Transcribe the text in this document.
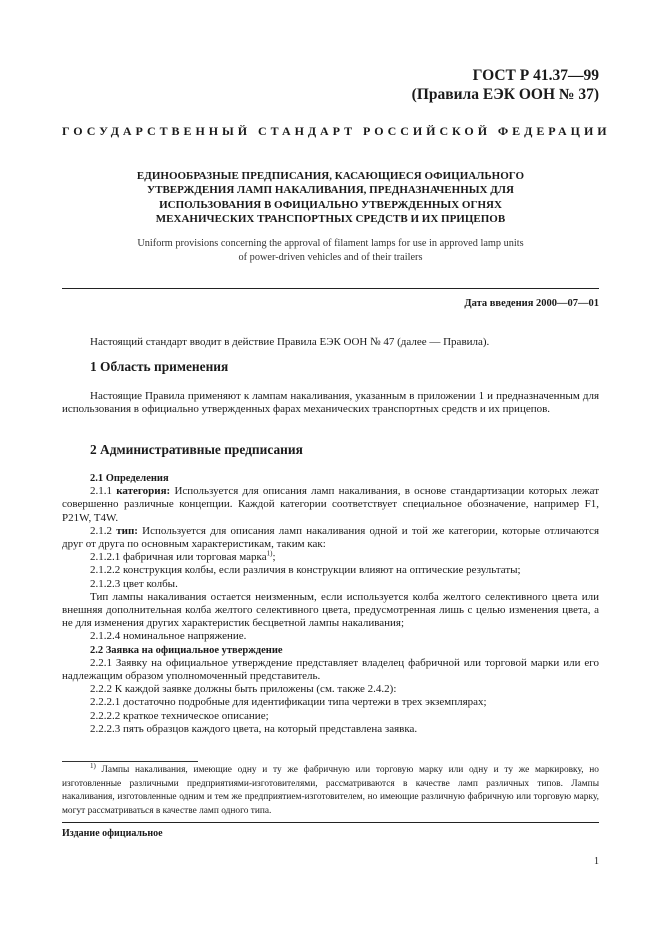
ГОСТ Р 41.37—99
(Правила ЕЭК ООН № 37)
ГОСУДАРСТВЕННЫЙ СТАНДАРТ РОССИЙСКОЙ ФЕДЕРАЦИИ
ЕДИНООБРАЗНЫЕ ПРЕДПИСАНИЯ, КАСАЮЩИЕСЯ ОФИЦИАЛЬНОГО
УТВЕРЖДЕНИЯ ЛАМП НАКАЛИВАНИЯ, ПРЕДНАЗНАЧЕННЫХ ДЛЯ
ИСПОЛЬЗОВАНИЯ В ОФИЦИАЛЬНО УТВЕРЖДЕННЫХ ОГНЯХ
МЕХАНИЧЕСКИХ ТРАНСПОРТНЫХ СРЕДСТВ И ИХ ПРИЦЕПОВ
Uniform provisions concerning the approval of filament lamps for use in approved lamp units
of power-driven vehicles and of their trailers
Дата введения 2000—07—01

Настоящий стандарт вводит в действие Правила ЕЭК ООН № 47 (далее — Правила).

1 Область применения

Настоящие Правила применяют к лампам накаливания, указанным в приложении 1 и предназначенным для использования в официально утвержденных фарах механических транспортных средств и их прицепов.

2 Административные предписания

2.1 Определения

2.1.1 категория: Используется для описания ламп накаливания, в основе стандартизации которых лежат совершенно различные концепции. Каждой категории соответствует специальное обозначение, например F1, P21W, T4W.

2.1.2 тип: Используется для описания ламп накаливания одной и той же категории, которые отличаются друг от друга по основным характеристикам, таким как:

2.1.2.1 фабричная или торговая марка$^{1)}$;

2.1.2.2 конструкция колбы, если различия в конструкции влияют на оптические результаты;

2.1.2.3 цвет колбы.

Тип лампы накаливания остается неизменным, если используется колба желтого селективного цвета или внешняя дополнительная колба желтого селективного цвета, предусмотренная лишь с целью изменения цвета, а не для изменения других характеристик бесцветной лампы накаливания;

2.1.2.4 номинальное напряжение.

2.2 Заявка на официальное утверждение

2.2.1 Заявку на официальное утверждение представляет владелец фабричной или торговой марки или его надлежащим образом уполномоченный представитель.

2.2.2 К каждой заявке должны быть приложены (см. также 2.4.2):

2.2.2.1 достаточно подробные для идентификации типа чертежи в трех экземплярах;

2.2.2.2 краткое техническое описание;

2.2.2.3 пять образцов каждого цвета, на который представлена заявка.

$^{1)}$ Лампы накаливания, имеющие одну и ту же фабричную или торговую марку или одну и ту же маркировку, но изготовленные различными предприятиями-изготовителями, рассматриваются в качестве ламп различных типов. Лампы накаливания, изготовленные одним и тем же предприятием-изготовителем, но имеющие различную фабричную или торговую марку, могут рассматриваться в качестве ламп одного типа.

Издание официальное
1
